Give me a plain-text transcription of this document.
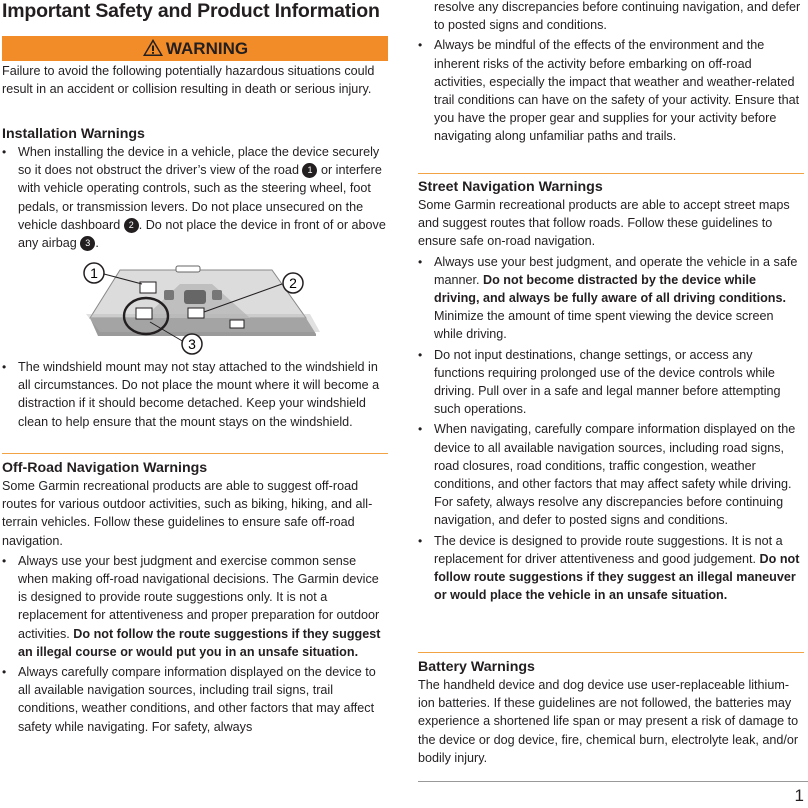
Important Safety and Product Information
WARNING

Failure to avoid the following potentially hazardous situations could result in an accident or collision resulting in death or serious injury.

Installation Warnings
• When installing the device in a vehicle, place the device securely so it does not obstruct the driver’s view of the road 1 or interfere with vehicle operating controls, such as the steering wheel, foot pedals, or transmission levers. Do not place unsecured on the vehicle dashboard 2 . Do not place the device in front of or above any airbag 3 .
• The windshield mount may not stay attached to the windshield in all circumstances. Do not place the mount where it will become a distraction if it should become detached. Keep your windshield clean to help ensure that the mount stays on the windshield.
Off-Road Navigation Warnings

Some Garmin recreational products are able to suggest off-road routes for various outdoor activities, such as biking, hiking, and all-terrain vehicles. Follow these guidelines to ensure safe off-road navigation.

• Always use your best judgment and exercise common sense when making off-road navigational decisions. The Garmin device is designed to provide route suggestions only. It is not a replacement for attentiveness and proper preparation for outdoor activities. Do not follow the route suggestions if they suggest an illegal course or would put you in an unsafe situation.
• Always carefully compare information displayed on the device to all available navigation sources, including trail signs, trail conditions, weather conditions, and other factors that may affect safety while navigating. For safety, always
1
2
3
• resolve any discrepancies before continuing navigation, and defer to posted signs and conditions.
• Always be mindful of the effects of the environment and the inherent risks of the activity before embarking on off-road activities, especially the impact that weather and weather-related trail conditions can have on the safety of your activity. Ensure that you have the proper gear and supplies for your activity before navigating along unfamiliar paths and trails.
Street Navigation Warnings

Some Garmin recreational products are able to accept street maps and suggest routes that follow roads. Follow these guidelines to ensure safe on-road navigation.

• Always use your best judgment, and operate the vehicle in a safe manner. Do not become distracted by the device while driving, and always be fully aware of all driving conditions. Minimize the amount of time spent viewing the device screen while driving.
• Do not input destinations, change settings, or access any functions requiring prolonged use of the device controls while driving. Pull over in a safe and legal manner before attempting such operations.
• When navigating, carefully compare information displayed on the device to all available navigation sources, including road signs, road closures, road conditions, traffic congestion, weather conditions, and other factors that may affect safety while driving. For safety, always resolve any discrepancies before continuing navigation, and defer to posted signs and conditions.
• The device is designed to provide route suggestions. It is not a replacement for driver attentiveness and good judgement. Do not follow route suggestions if they suggest an illegal maneuver or would place the vehicle in an unsafe situation.
Battery Warnings

The handheld device and dog device use user-replaceable lithium-ion batteries. If these guidelines are not followed, the batteries may experience a shortened life span or may present a risk of damage to the device or dog device, fire, chemical burn, electrolyte leak, and/or bodily injury.

1
